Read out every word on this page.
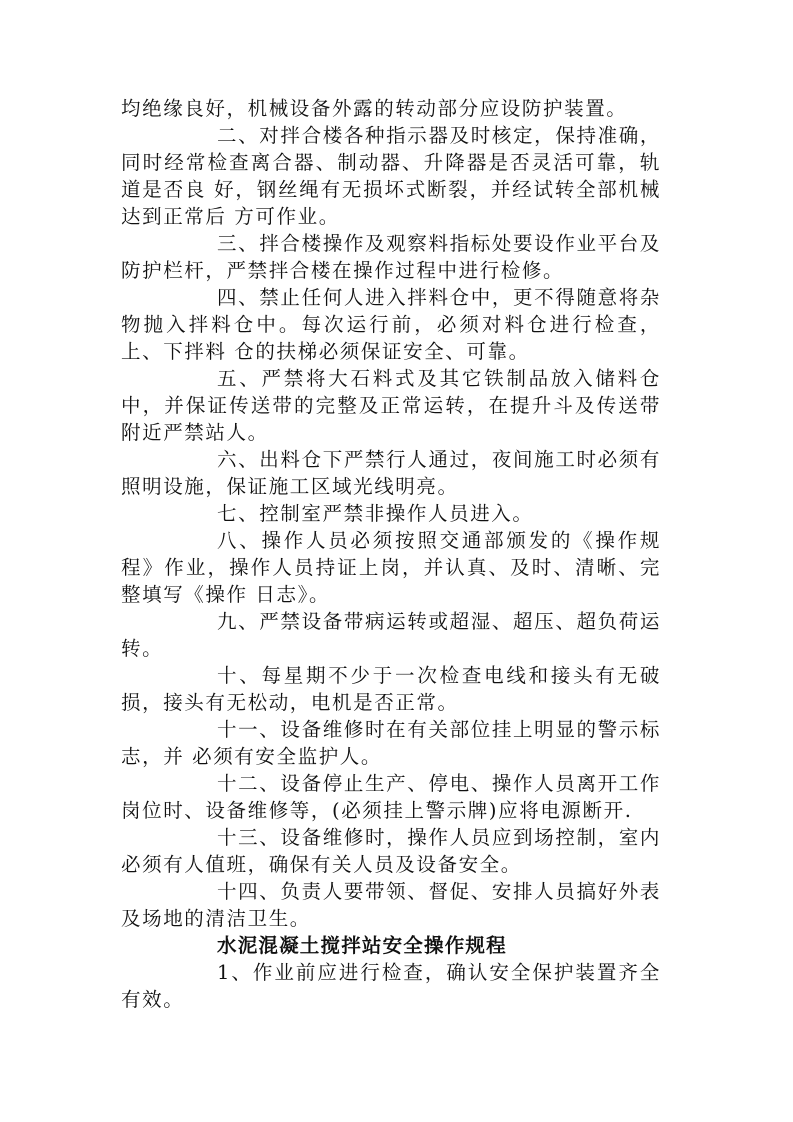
均绝缘良好，机械设备外露的转动部分应设防护装置。

二、对拌合楼各种指示器及时核定，保持准确，同时经常检查离合器、制动器、升降器是否灵活可靠，轨道是否良 好，钢丝绳有无损坏式断裂，并经试转全部机械达到正常后 方可作业。

三、拌合楼操作及观察料指标处要设作业平台及防护栏杆，严禁拌合楼在操作过程中进行检修。

四、禁止任何人进入拌料仓中，更不得随意将杂物抛入拌料仓中。每次运行前，必须对料仓进行检查，上、下拌料 仓的扶梯必须保证安全、可靠。

五、严禁将大石料式及其它铁制品放入储料仓中，并保证传送带的完整及正常运转，在提升斗及传送带附近严禁站人。

六、出料仓下严禁行人通过，夜间施工时必须有照明设施，保证施工区域光线明亮。

七、控制室严禁非操作人员进入。

八、操作人员必须按照交通部颁发的《操作规程》作业，操作人员持证上岗，并认真、及时、清晰、完整填写《操作 日志》。

九、严禁设备带病运转或超湿、超压、超负荷运转。

十、每星期不少于一次检查电线和接头有无破损，接头有无松动，电机是否正常。

十一、设备维修时在有关部位挂上明显的警示标志，并 必须有安全监护人。

十二、设备停止生产、停电、操作人员离开工作岗位时、设备维修等，(必须挂上警示牌)应将电源断开.

十三、设备维修时，操作人员应到场控制，室内必须有人值班，确保有关人员及设备安全。

十四、负责人要带领、督促、安排人员搞好外表及场地的清洁卫生。

水泥混凝土搅拌站安全操作规程

1、作业前应进行检查，确认安全保护装置齐全有效。
